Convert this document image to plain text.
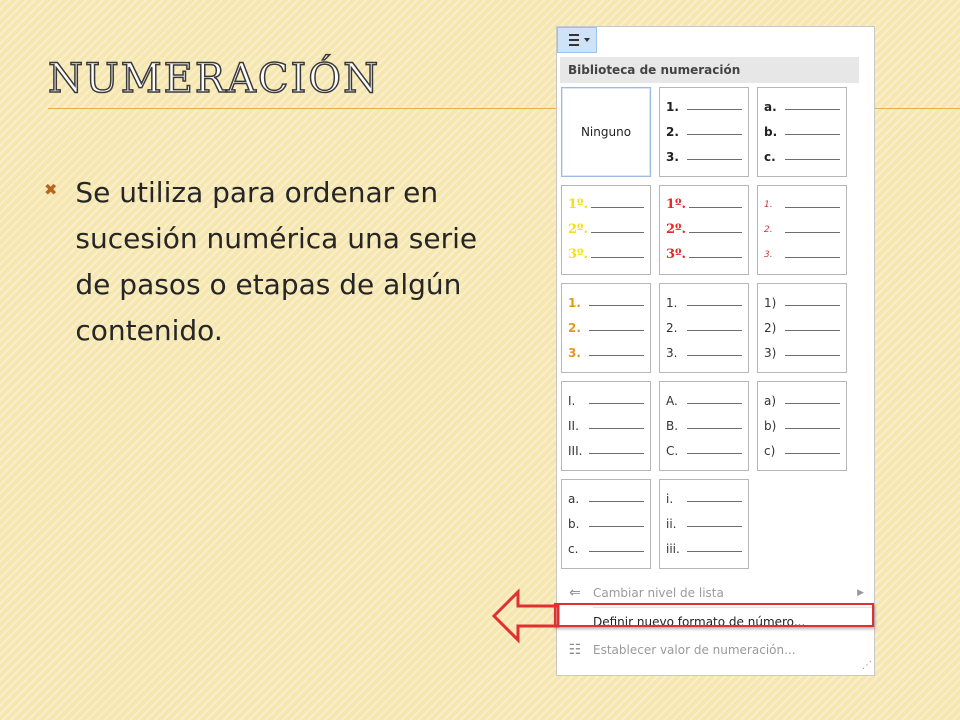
NUMERACIÓN
✖ Se utiliza para ordenar en sucesión numérica una serie de pasos o etapas de algún contenido.
Biblioteca de numeración
Ninguno
1.
2.
3.
a.
b.
c.
1º.
2º.
3º.
1º.
2º.
3º.
1.
2.
3.
1.
2.
3.
1.
2.
3.
1)
2)
3)
I.
II.
III.
A.
B.
C.
a)
b)
c)
a.
b.
c.
i.
ii.
iii.
⇐	Cambiar nivel de lista	▶
Definir nuevo formato de número...
☷ Establecer valor de numeración...
⋰
